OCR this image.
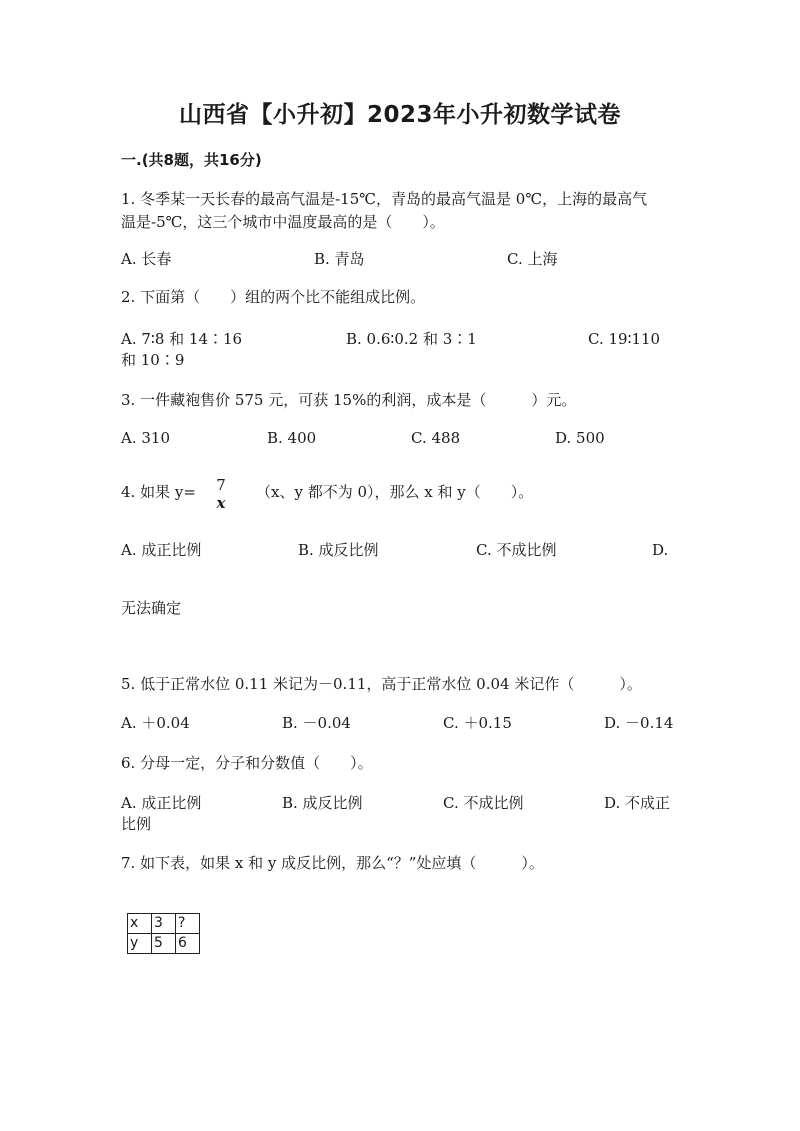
山西省【小升初】2023年小升初数学试卷
一.(共8题，共16分)
1. 冬季某一天长春的最高气温是-15℃，青岛的最高气温是 0℃，上海的最高气
温是-5℃，这三个城市中温度最高的是（　　）。
A. 长春	B. 青岛	C. 上海
2. 下面第（　　）组的两个比不能组成比例。
A. 7∶8 和 14∶16	B. 0.6∶0.2 和 3∶1	C. 19∶110
和 10∶9
3. 一件藏袍售价 575 元，可获 15%的利润，成本是（　　　）元。
A. 310	B. 400	C. 488	D. 500
4. 如果 y=	7
x
（x、y 都不为 0），那么 x 和 y（　　）。
A. 成正比例	B. 成反比例	C. 不成比例	D.
无法确定
5. 低于正常水位 0.11 米记为－0.11，高于正常水位 0.04 米记作（　　　）。
A. ＋0.04	B. －0.04	C. ＋0.15	D. －0.14
6. 分母一定，分子和分数值（　　）。
A. 成正比例	B. 成反比例	C. 不成比例	D. 不成正
比例
7. 如下表，如果 x 和 y 成反比例，那么“？”处应填（　　　）。
x	3	?
y	5	6
